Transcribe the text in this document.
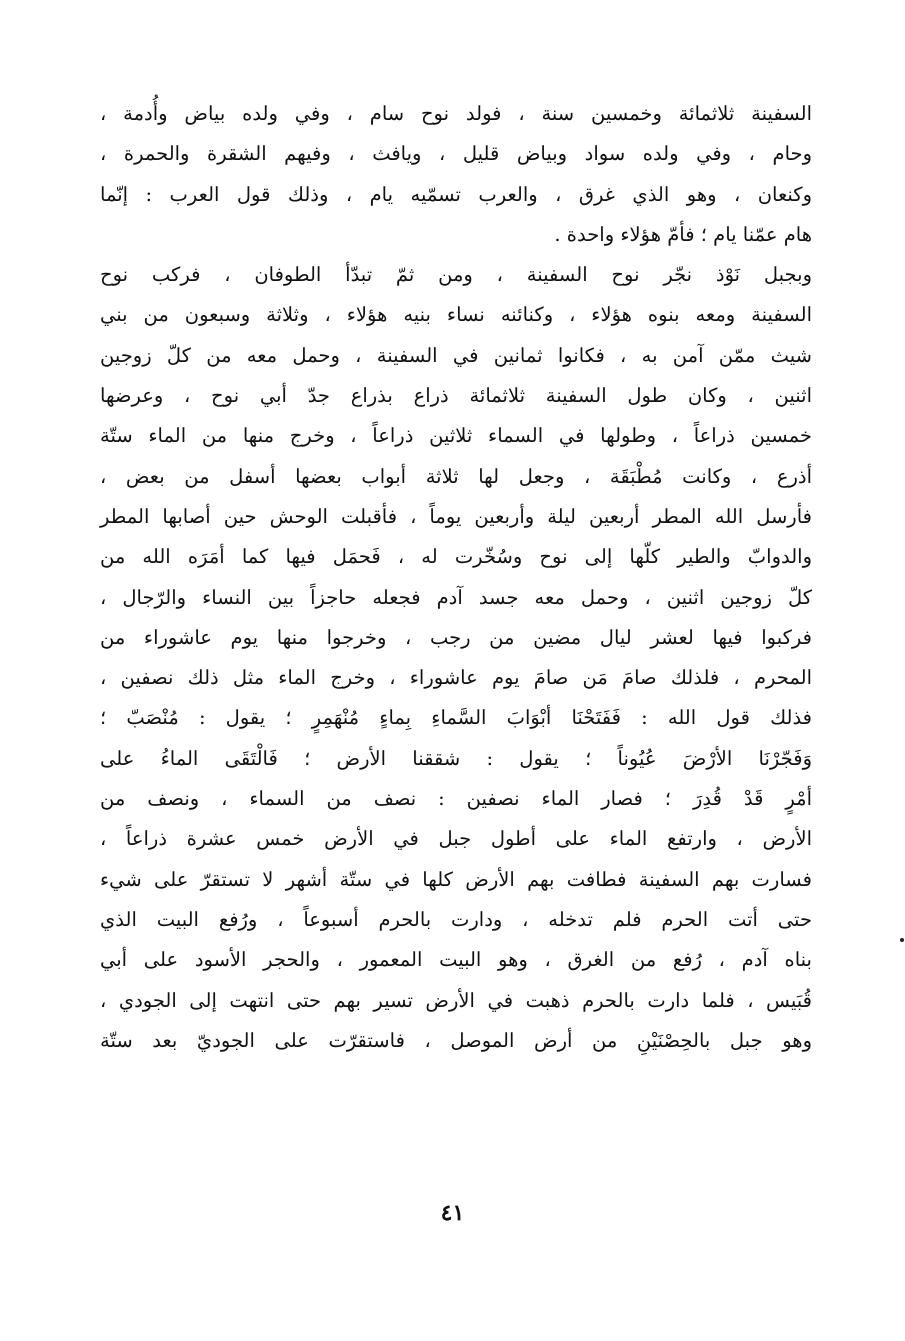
السفينة ثلاثمائة وخمسين سنة ، فولد نوح سام ، وفي ولده بياض وأُدمة ،
وحام ، وفي ولده سواد وبياض قليل ، ويافث ، وفيهم الشقرة والحمرة ،
وكنعان ، وهو الذي غرق ، والعرب تسمّيه يام ، وذلك قول العرب : إنّما
هام عمّنا يام ؛ فأمّ هؤلاء واحدة .
وبجبل نَوْذ نجّر نوح السفينة ، ومن ثمّ تبدّأ الطوفان ، فركب نوح
السفينة ومعه بنوه هؤلاء ، وكنائنه نساء بنيه هؤلاء ، وثلاثة وسبعون من بني
شيث ممّن آمن به ، فكانوا ثمانين في السفينة ، وحمل معه من كلّ زوجين
اثنين ، وكان طول السفينة ثلاثمائة ذراع بذراع جدّ أبي نوح ، وعرضها
خمسين ذراعاً ، وطولها في السماء ثلاثين ذراعاً ، وخرج منها من الماء ستّة
أذرع ، وكانت مُطْبَقَة ، وجعل لها ثلاثة أبواب بعضها أسفل من بعض ،
فأرسل الله المطر أربعين ليلة وأربعين يوماً ، فأقبلت الوحش حين أصابها المطر
والدوابّ والطير كلّها إلى نوح وسُخّرت له ، فَحمَل فيها كما أمَرَه الله من
كلّ زوجين اثنين ، وحمل معه جسد آدم فجعله حاجزاً بين النساء والرّجال ،
فركبوا فيها لعشر ليال مضين من رجب ، وخرجوا منها يوم عاشوراء من
المحرم ، فلذلك صامَ مَن صامَ يوم عاشوراء ، وخرج الماء مثل ذلك نصفين ،
فذلك قول الله : فَفَتَحْنَا أبْوَابَ السَّماءِ بِماءٍ مُنْهَمِرٍ ؛ يقول : مُنْصَبّ ؛
وَفَجّرْنَا الأرْضَ عُيُوناً ؛ يقول : شققنا الأرض ؛ فَالْتَقَى الماءُ على
أمْرٍ قَدْ قُدِرَ ؛ فصار الماء نصفين : نصف من السماء ، ونصف من
الأرض ، وارتفع الماء على أطول جبل في الأرض خمس عشرة ذراعاً ،
فسارت بهم السفينة فطافت بهم الأرض كلها في ستّة أشهر لا تستقرّ على شيء
حتى أتت الحرم فلم تدخله ، ودارت بالحرم أسبوعاً ، ورُفع البيت الذي
بناه آدم ، رُفع من الغرق ، وهو البيت المعمور ، والحجر الأسود على أبي
قُبَيس ، فلما دارت بالحرم ذهبت في الأرض تسير بهم حتى انتهت إلى الجودي ،
وهو جبل بالحِصْنَيْنِ من أرض الموصل ، فاستقرّت على الجوديّ بعد ستّة
٤١
